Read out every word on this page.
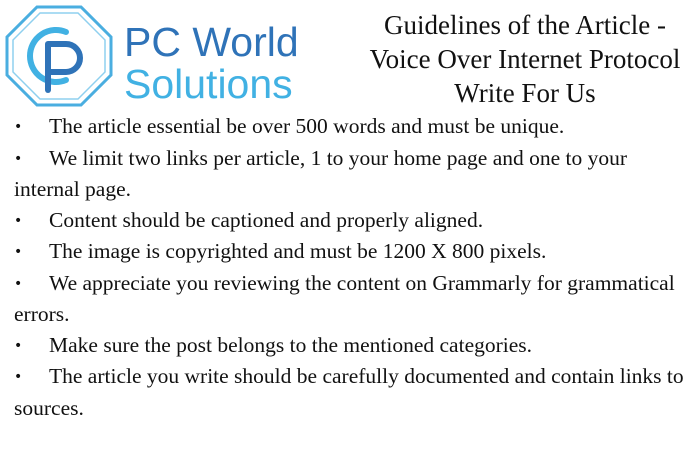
PC World
Solutions
Guidelines of the Article -
Voice Over Internet Protocol
Write For Us
• The article essential be over 500 words and must be unique.
• We limit two links per article, 1 to your home page and one to your internal page.
• Content should be captioned and properly aligned.
• The image is copyrighted and must be 1200 X 800 pixels.
• We appreciate you reviewing the content on Grammarly for grammatical errors.
• Make sure the post belongs to the mentioned categories.
• The article you write should be carefully documented and contain links to sources.
